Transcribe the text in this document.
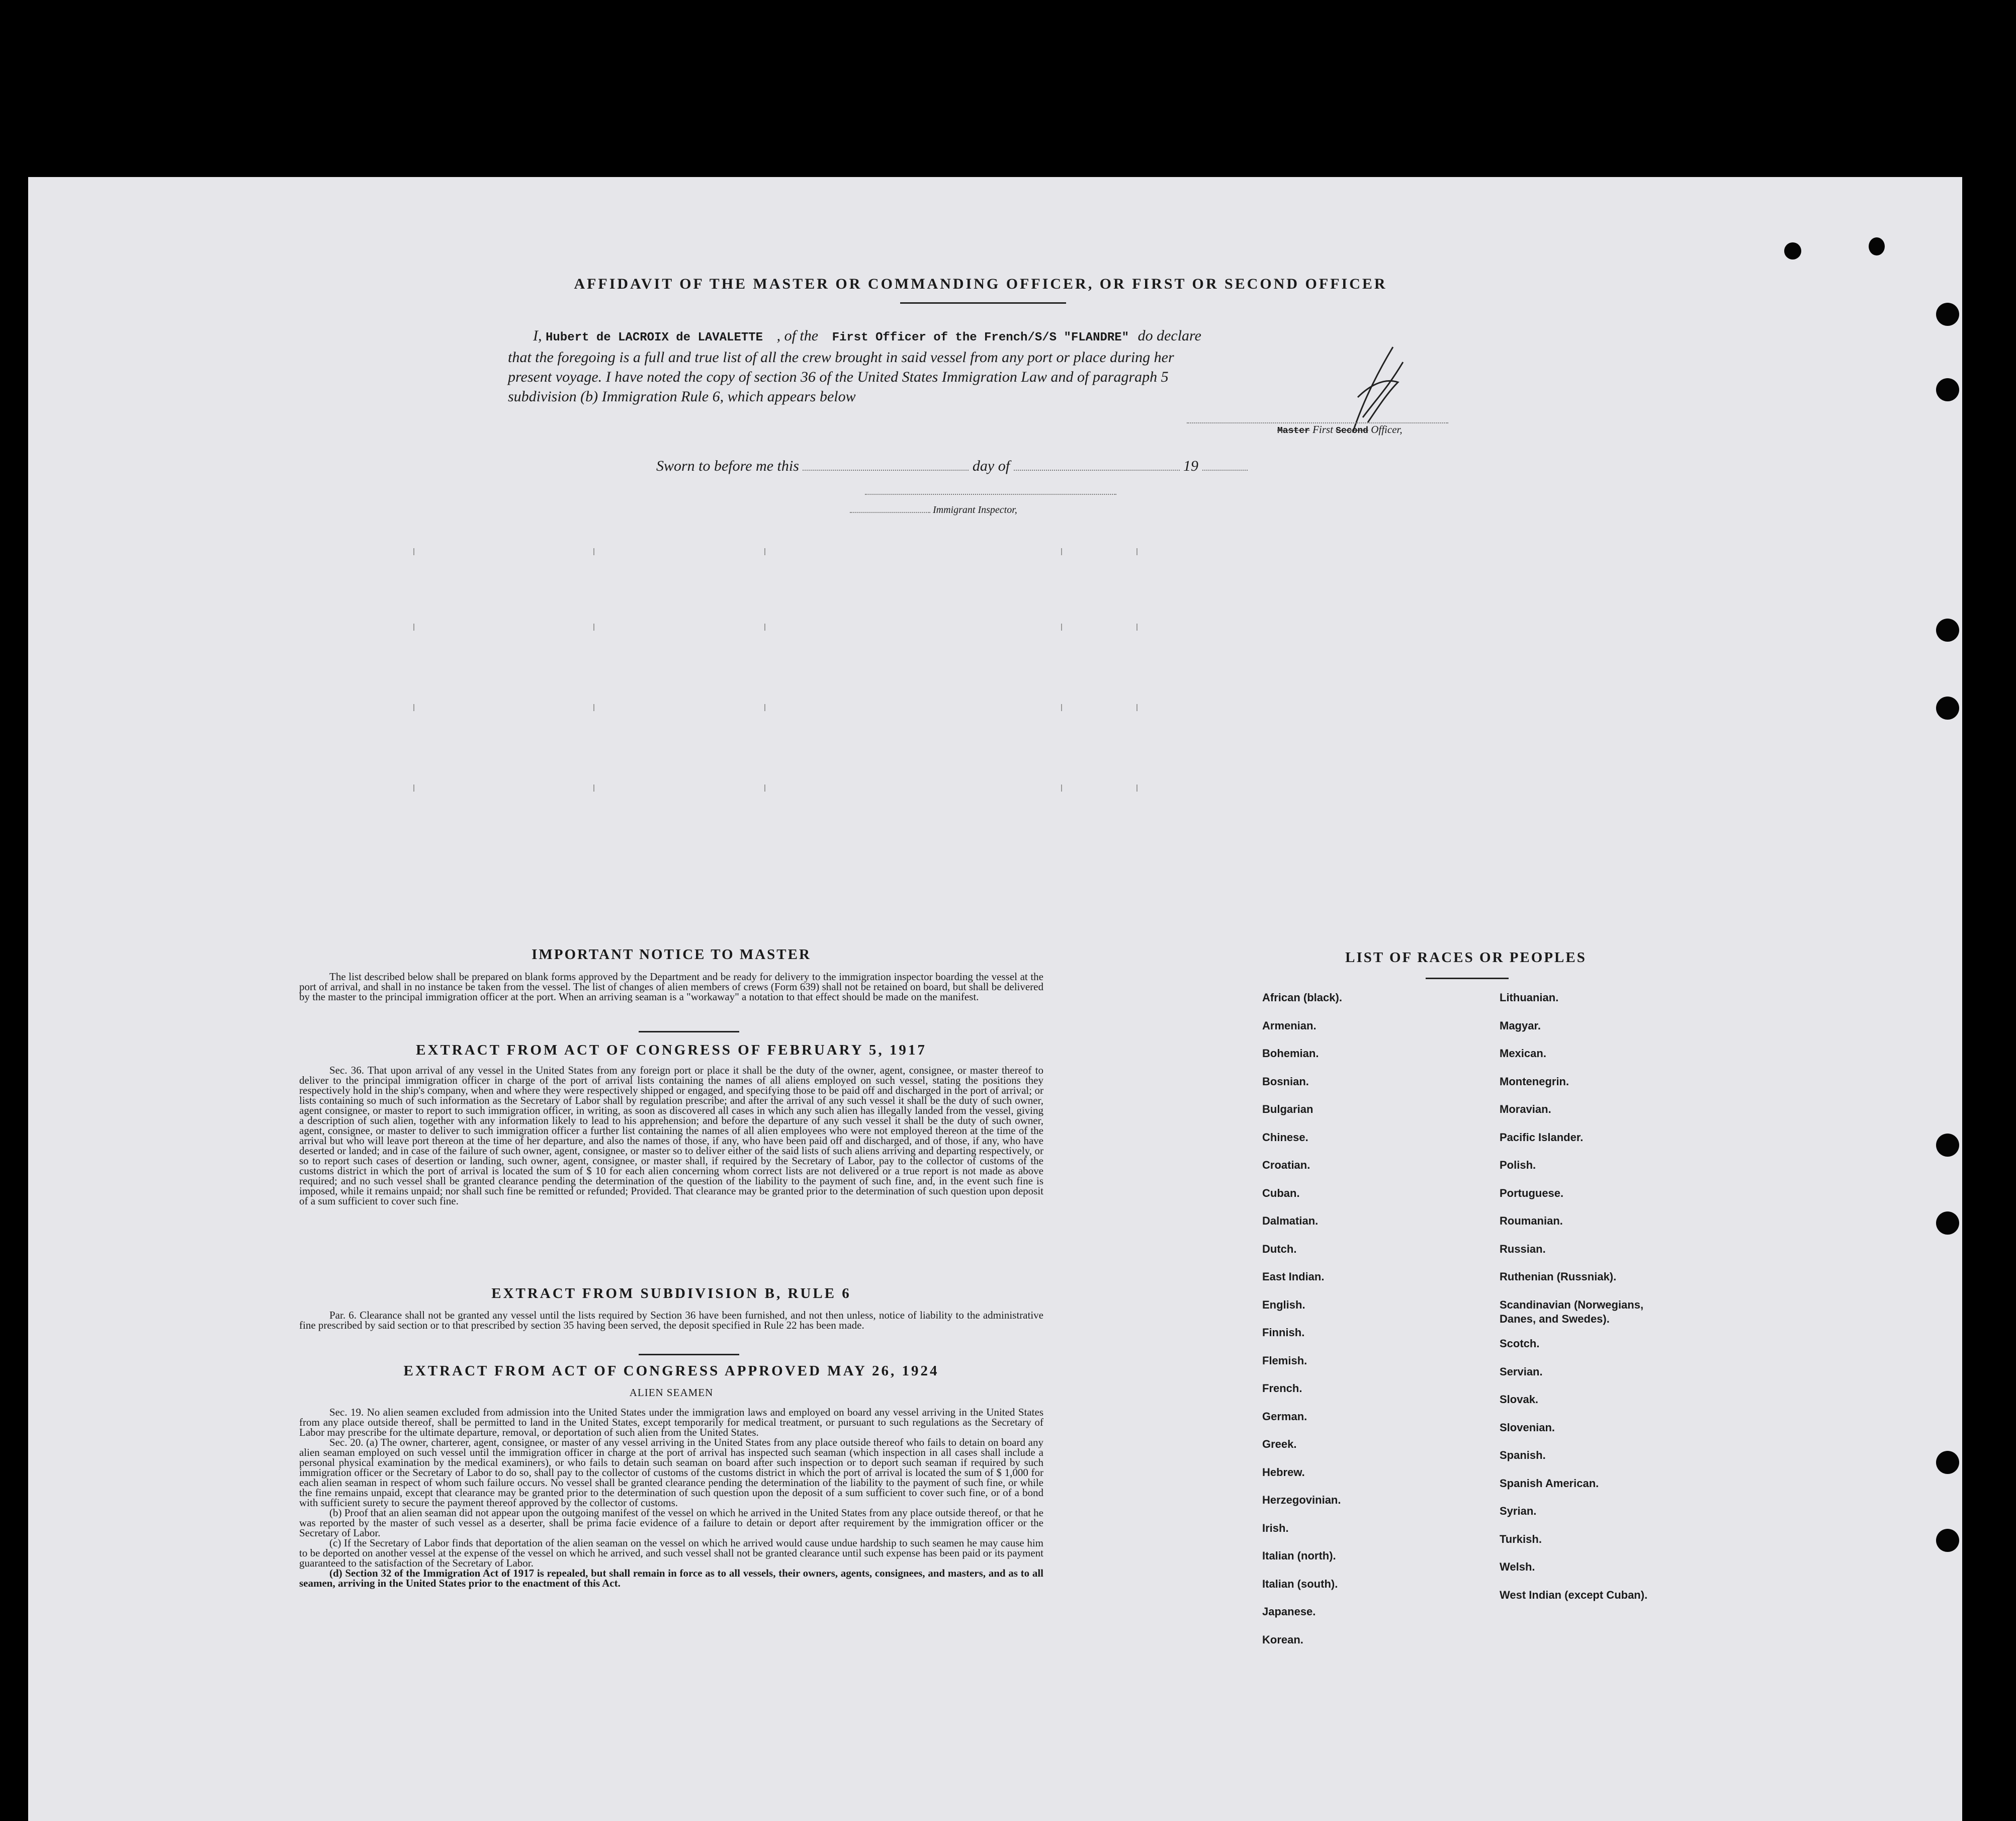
AFFIDAVIT OF THE MASTER OR COMMANDING OFFICER, OR FIRST OR SECOND OFFICER
I, Hubert de LACROIX de LAVALETTE , of the First Officer of the French/S/S "FLANDRE" do declare
that the foregoing is a full and true list of all the crew brought in said vessel from any port or place during her
present voyage. I have noted the copy of section 36 of the United States Immigration Law and of paragraph 5
subdivision (b) Immigration Rule 6, which appears below
Master First Second Officer,
Sworn to before me this	day of	19
Immigrant Inspector,
IMPORTANT NOTICE TO MASTER
The list described below shall be prepared on blank forms approved by the Department and be ready for delivery to the immigration inspector boarding the vessel at the port of arrival, and shall in no instance be taken from the vessel. The list of changes of alien members of crews (Form 639) shall not be retained on board, but shall be delivered by the master to the principal immigration officer at the port. When an arriving seaman is a "workaway" a notation to that effect should be made on the manifest.
EXTRACT FROM ACT OF CONGRESS OF FEBRUARY 5, 1917
Sec. 36. That upon arrival of any vessel in the United States from any foreign port or place it shall be the duty of the owner, agent, consignee, or master thereof to deliver to the principal immigration officer in charge of the port of arrival lists containing the names of all aliens employed on such vessel, stating the positions they respectively hold in the ship's company, when and where they were respectively shipped or engaged, and specifying those to be paid off and discharged in the port of arrival; or lists containing so much of such information as the Secretary of Labor shall by regulation prescribe; and after the arrival of any such vessel it shall be the duty of such owner, agent consignee, or master to report to such immigration officer, in writing, as soon as discovered all cases in which any such alien has illegally landed from the vessel, giving a description of such alien, together with any information likely to lead to his apprehension; and before the departure of any such vessel it shall be the duty of such owner, agent, consignee, or master to deliver to such immigration officer a further list containing the names of all alien employees who were not employed thereon at the time of the arrival but who will leave port thereon at the time of her departure, and also the names of those, if any, who have been paid off and discharged, and of those, if any, who have deserted or landed; and in case of the failure of such owner, agent, consignee, or master so to deliver either of the said lists of such aliens arriving and departing respectively, or so to report such cases of desertion or landing, such owner, agent, consignee, or master shall, if required by the Secretary of Labor, pay to the collector of customs of the customs district in which the port of arrival is located the sum of $ 10 for each alien concerning whom correct lists are not delivered or a true report is not made as above required; and no such vessel shall be granted clearance pending the determination of the question of the liability to the payment of such fine, and, in the event such fine is imposed, while it remains unpaid; nor shall such fine be remitted or refunded; Provided. That clearance may be granted prior to the determination of such question upon deposit of a sum sufficient to cover such fine.
EXTRACT FROM SUBDIVISION B, RULE 6
Par. 6. Clearance shall not be granted any vessel until the lists required by Section 36 have been furnished, and not then unless, notice of liability to the administrative fine prescribed by said section or to that prescribed by section 35 having been served, the deposit specified in Rule 22 has been made.
EXTRACT FROM ACT OF CONGRESS APPROVED MAY 26, 1924
ALIEN SEAMEN
Sec. 19. No alien seamen excluded from admission into the United States under the immigration laws and employed on board any vessel arriving in the United States from any place outside thereof, shall be permitted to land in the United States, except temporarily for medical treatment, or pursuant to such regulations as the Secretary of Labor may prescribe for the ultimate departure, removal, or deportation of such alien from the United States.
Sec. 20. (a) The owner, charterer, agent, consignee, or master of any vessel arriving in the United States from any place outside thereof who fails to detain on board any alien seaman employed on such vessel until the immigration officer in charge at the port of arrival has inspected such seaman (which inspection in all cases shall include a personal physical examination by the medical examiners), or who fails to detain such seaman on board after such inspection or to deport such seaman if required by such immigration officer or the Secretary of Labor to do so, shall pay to the collector of customs of the customs district in which the port of arrival is located the sum of $ 1,000 for each alien seaman in respect of whom such failure occurs. No vessel shall be granted clearance pending the determination of the liability to the payment of such fine, or while the fine remains unpaid, except that clearance may be granted prior to the determination of such question upon the deposit of a sum sufficient to cover such fine, or of a bond with sufficient surety to secure the payment thereof approved by the collector of customs.
(b) Proof that an alien seaman did not appear upon the outgoing manifest of the vessel on which he arrived in the United States from any place outside thereof, or that he was reported by the master of such vessel as a deserter, shall be prima facie evidence of a failure to detain or deport after requirement by the immigration officer or the Secretary of Labor.
(c) If the Secretary of Labor finds that deportation of the alien seaman on the vessel on which he arrived would cause undue hardship to such seamen he may cause him to be deported on another vessel at the expense of the vessel on which he arrived, and such vessel shall not be granted clearance until such expense has been paid or its payment guaranteed to the satisfaction of the Secretary of Labor.
(d) Section 32 of the Immigration Act of 1917 is repealed, but shall remain in force as to all vessels, their owners, agents, consignees, and masters, and as to all seamen, arriving in the United States prior to the enactment of this Act.
LIST OF RACES OR PEOPLES
African (black).
Armenian.
Bohemian.
Bosnian.
Bulgarian
Chinese.
Croatian.
Cuban.
Dalmatian.
Dutch.
East Indian.
English.
Finnish.
Flemish.
French.
German.
Greek.
Hebrew.
Herzegovinian.
Irish.
Italian (north).
Italian (south).
Japanese.
Korean.
Lithuanian.
Magyar.
Mexican.
Montenegrin.
Moravian.
Pacific Islander.
Polish.
Portuguese.
Roumanian.
Russian.
Ruthenian (Russniak).
Scandinavian (Norwegians, Danes, and Swedes).
Scotch.
Servian.
Slovak.
Slovenian.
Spanish.
Spanish American.
Syrian.
Turkish.
Welsh.
West Indian (except Cuban).
